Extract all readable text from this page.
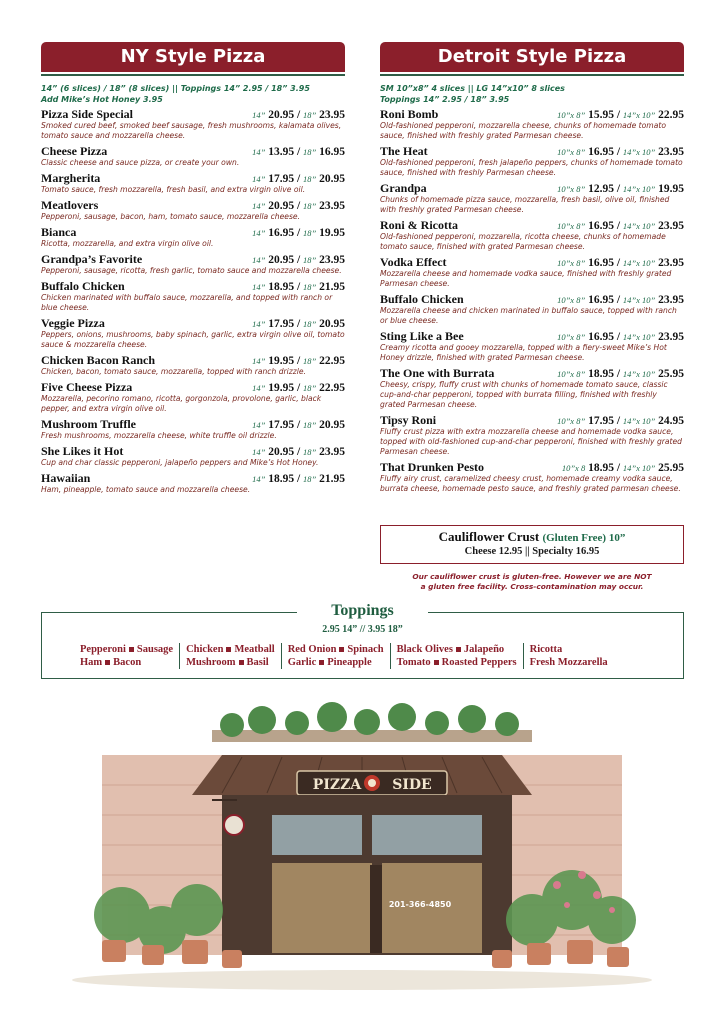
NY Style Pizza
14” (6 slices) / 18” (8 slices) || Toppings 14” 2.95 / 18” 3.95
Add Mike’s Hot Honey 3.95
Pizza Side Special	14” 20.95 / 18” 23.95
Smoked cured beef, smoked beef sausage, fresh mushrooms, kalamata olives, tomato sauce and mozzarella cheese.
Cheese Pizza	14” 13.95 / 18” 16.95
Classic cheese and sauce pizza, or create your own.
Margherita	14” 17.95 / 18” 20.95
Tomato sauce, fresh mozzarella, fresh basil, and extra virgin olive oil.
Meatlovers	14” 20.95 / 18” 23.95
Pepperoni, sausage, bacon, ham, tomato sauce, mozzarella cheese.
Bianca	14” 16.95 / 18” 19.95
Ricotta, mozzarella, and extra virgin olive oil.
Grandpa’s Favorite	14” 20.95 / 18” 23.95
Pepperoni, sausage, ricotta, fresh garlic, tomato sauce and mozzarella cheese.
Buffalo Chicken	14” 18.95 / 18” 21.95
Chicken marinated with buffalo sauce, mozzarella, and topped with ranch or blue cheese.
Veggie Pizza	14” 17.95 / 18” 20.95
Peppers, onions, mushrooms, baby spinach, garlic, extra virgin olive oil, tomato sauce & mozzarella cheese.
Chicken Bacon Ranch	14” 19.95 / 18” 22.95
Chicken, bacon, tomato sauce, mozzarella, topped with ranch drizzle.
Five Cheese Pizza	14” 19.95 / 18” 22.95
Mozzarella, pecorino romano, ricotta, gorgonzola, provolone, garlic, black pepper, and extra virgin olive oil.
Mushroom Truffle	14” 17.95 / 18” 20.95
Fresh mushrooms, mozzarella cheese, white truffle oil drizzle.
She Likes it Hot	14” 20.95 / 18” 23.95
Cup and char classic pepperoni, jalapeño peppers and Mike’s Hot Honey.
Hawaiian	14” 18.95 / 18” 21.95
Ham, pineapple, tomato sauce and mozzarella cheese.
Detroit Style Pizza
SM 10”x8” 4 slices || LG 14”x10” 8 slices
Toppings 14” 2.95 / 18” 3.95
Roni Bomb	10”x 8” 15.95 / 14”x 10” 22.95
Old-fashioned pepperoni, mozzarella cheese, chunks of homemade tomato sauce, finished with freshly grated Parmesan cheese.
The Heat	10”x 8” 16.95 / 14”x 10” 23.95
Old-fashioned pepperoni, fresh jalapeño peppers, chunks of homemade tomato sauce, finished with freshly Parmesan cheese.
Grandpa	10”x 8” 12.95 / 14”x 10” 19.95
Chunks of homemade pizza sauce, mozzarella, fresh basil, olive oil, finished with freshly grated Parmesan cheese.
Roni & Ricotta	10”x 8” 16.95 / 14”x 10” 23.95
Old-fashioned pepperoni, mozzarella, ricotta cheese, chunks of homemade tomato sauce, finished with grated Parmesan cheese.
Vodka Effect	10”x 8” 16.95 / 14”x 10” 23.95
Mozzarella cheese and homemade vodka sauce, finished with freshly grated Parmesan cheese.
Buffalo Chicken	10”x 8” 16.95 / 14”x 10” 23.95
Mozzarella cheese and chicken marinated in buffalo sauce, topped with ranch or blue cheese.
Sting Like a Bee	10”x 8” 16.95 / 14”x 10” 23.95
Creamy ricotta and gooey mozzarella, topped with a fiery-sweet Mike’s Hot Honey drizzle, finished with grated Parmesan cheese.
The One with Burrata	10”x 8” 18.95 / 14”x 10” 25.95
Cheesy, crispy, fluffy crust with chunks of homemade tomato sauce, classic cup-and-char pepperoni, topped with burrata filling, finished with freshly grated Parmesan cheese.
Tipsy Roni	10”x 8” 17.95 / 14”x 10” 24.95
Fluffy crust pizza with extra mozzarella cheese and homemade vodka sauce, topped with old-fashioned cup-and-char pepperoni, finished with freshly grated Parmesan cheese.
That Drunken Pesto	10”x 8 18.95 / 14”x 10” 25.95
Fluffy airy crust, caramelized cheesy crust, homemade creamy vodka sauce, burrata cheese, homemade pesto sauce, and freshly grated parmesan cheese.
Cauliflower Crust (Gluten Free) 10”
Cheese 12.95 || Specialty 16.95
Our cauliflower crust is gluten-free. However we are NOT
a gluten free facility. Cross-contamination may occur.
Toppings
2.95 14” // 3.95 18”
Pepperoni Sausage
Ham Bacon
Chicken Meatball
Mushroom Basil
Red Onion Spinach
Garlic Pineapple
Black Olives Jalapeño
Tomato Roasted Peppers
Ricotta
Fresh Mozzarella
PIZZA SIDE
201-366-4850
